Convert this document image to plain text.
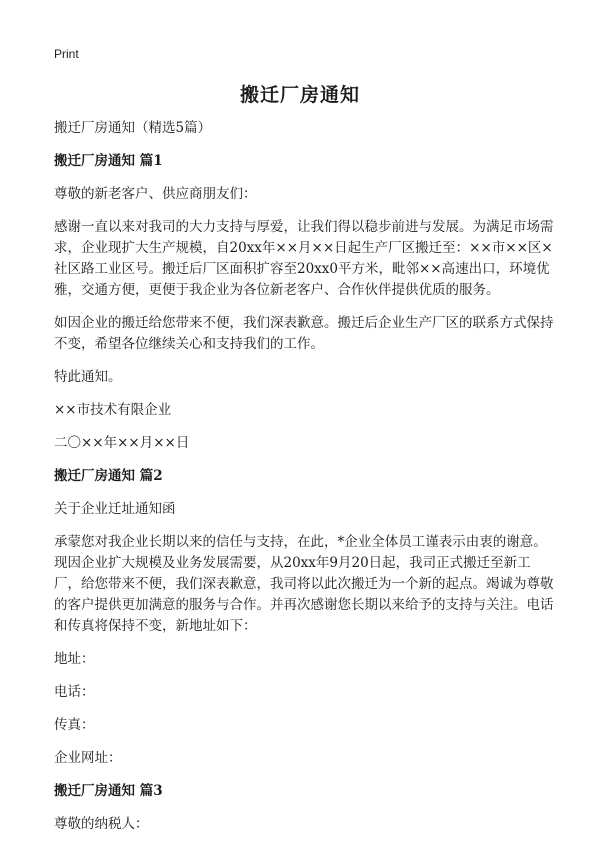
Print
搬迁厂房通知

搬迁厂房通知（精选5篇）

搬迁厂房通知 篇1

尊敬的新老客户、供应商朋友们：

感谢一直以来对我司的大力支持与厚爱，让我们得以稳步前进与发展。为满足市场需求，企业现扩大生产规模，自20xx年××月××日起生产厂区搬迁至：××市××区×社区路工业区号。搬迁后厂区面积扩容至20xx0平方米，毗邻××高速出口，环境优雅，交通方便，更便于我企业为各位新老客户、合作伙伴提供优质的服务。

如因企业的搬迁给您带来不便，我们深表歉意。搬迁后企业生产厂区的联系方式保持不变，希望各位继续关心和支持我们的工作。

特此通知。

××市技术有限企业

二〇××年××月××日

搬迁厂房通知 篇2

关于企业迁址通知函

承蒙您对我企业长期以来的信任与支持，在此，*企业全体员工谨表示由衷的谢意。现因企业扩大规模及业务发展需要，从20xx年9月20日起，我司正式搬迁至新工厂，给您带来不便，我们深表歉意，我司将以此次搬迁为一个新的起点。竭诚为尊敬的客户提供更加满意的服务与合作。并再次感谢您长期以来给予的支持与关注。电话和传真将保持不变，新地址如下：

地址：

电话：

传真：

企业网址：

搬迁厂房通知 篇3

尊敬的纳税人：
